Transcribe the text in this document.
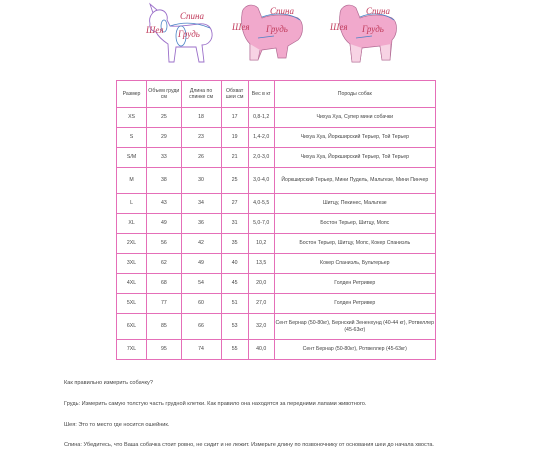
Спина
Грудь
Шея
Спина
Грудь
Шея
Спина
Грудь
Шея
Размер	Объем груди см	Длина по спинке см	Обхват шеи см	Вес в кг	Породы собак
XS	25	18	17	0,8-1,2	Чихуа Хуа, Супер мини собачки
S	29	23	19	1,4-2,0	Чихуа Хуа, Йоркширский Терьер, Той Терьер
S/M	33	26	21	2,0-3,0	Чихуа Хуа, Йоркширский Терьер, Той Терьер
M	38	30	25	3,0-4,0	Йоркширский Терьер, Мини Пудель, Мальтезе, Мини Пинчер
L	43	34	27	4,0-5,5	Шитцу, Пекинес, Мальтезе
XL	49	36	31	5,0-7,0	Бостон Терьер, Шитцу, Мопс
2XL	56	42	35	10,2	Бостон Терьер, Шитцу, Мопс, Кокер Спаниэль
3XL	62	49	40	13,5	Кокер Спаниэль, Бультерьер
4XL	68	54	45	20,0	Голден Ретривер
5XL	77	60	51	27,0	Голден Ретривер
6XL	85	66	53	32,0	Сент Бернар (50-80кг), Бернский Зененхунд (40-44 кг), Ротвеллер (45-63кг)
7XL	95	74	55	40,0	Сент Бернар (50-80кг), Ротвеллер (45-63кг)

Как правильно измерить собачку?

Грудь: Измерить самую толстую часть грудной клетки. Как правило она находятся за передними лапами животного.

Шея: Это то место где носится ошейник.

Спина: Убедитесь, что Ваша собачка стоит ровно, не сидит и не лежит. Измерьте длину по позвоночнику от основания шеи до начала хвоста.
